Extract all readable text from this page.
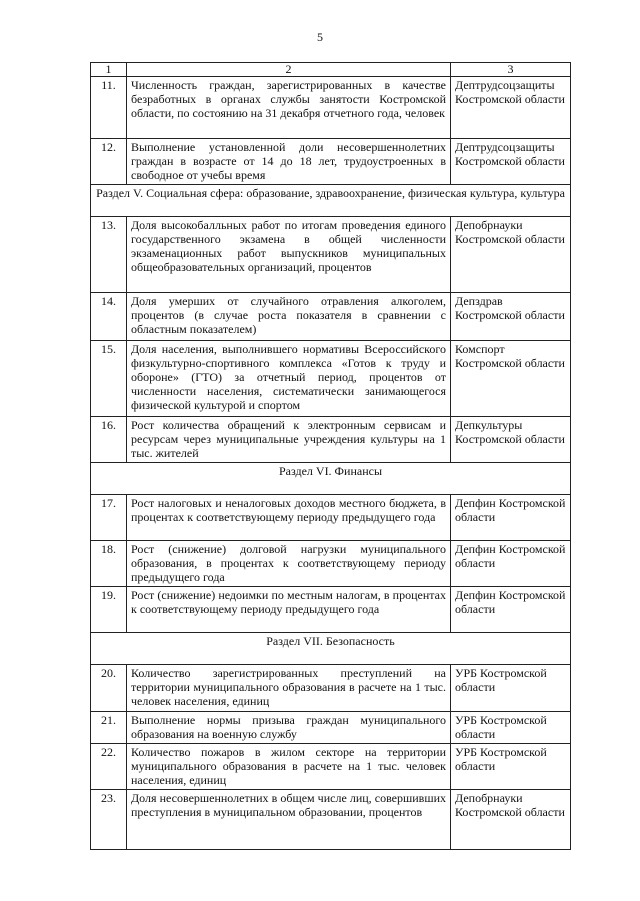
5
1	2	3
11.	Численность граждан, зарегистрированных в качестве безработных в органах службы занятости Костромской области, по состоянию на 31 декабря отчетного года, человек	Дептрудсоцзащиты Костромской области
12.	Выполнение установленной доли несовершеннолетних граждан в возрасте от 14 до 18 лет, трудоустроенных в свободное от учебы время	Дептрудсоцзащиты Костромской области
Раздел V. Социальная сфера: образование, здравоохранение, физическая культура, культура		
13.	Доля высокобалльных работ по итогам проведения единого государственного экзамена в общей численности экзаменационных работ выпускников муниципальных общеобразовательных организаций, процентов	Депобрнауки Костромской области
14.	Доля умерших от случайного отравления алкоголем, процентов (в случае роста показателя в сравнении с областным показателем)	Депздрав Костромской области
15.	Доля населения, выполнившего нормативы Всероссийского физкультурно-спортивного комплекса «Готов к труду и обороне» (ГТО) за отчетный период, процентов от численности населения, систематически занимающегося физической культурой и спортом	Комспорт Костромской области
16.	Рост количества обращений к электронным сервисам и ресурсам через муниципальные учреждения культуры на 1 тыс. жителей	Депкультуры Костромской области
Раздел VI. Финансы		
17.	Рост налоговых и неналоговых доходов местного бюджета, в процентах к соответствующему периоду предыдущего года	Депфин Костромской области
18.	Рост (снижение) долговой нагрузки муниципального образования, в процентах к соответствующему периоду предыдущего года	Депфин Костромской области
19.	Рост (снижение) недоимки по местным налогам, в процентах к соответствующему периоду предыдущего года	Депфин Костромской области
Раздел VII. Безопасность		
20.	Количество зарегистрированных преступлений на территории муниципального образования в расчете на 1 тыс. человек населения, единиц	УРБ Костромской области
21.	Выполнение нормы призыва граждан муниципального образования на военную службу	УРБ Костромской области
22.	Количество пожаров в жилом секторе на территории муниципального образования в расчете на 1 тыс. человек населения, единиц	УРБ Костромской области
23.	Доля несовершеннолетних в общем числе лиц, совершивших преступления в муниципальном образовании, процентов	Депобрнауки Костромской области
